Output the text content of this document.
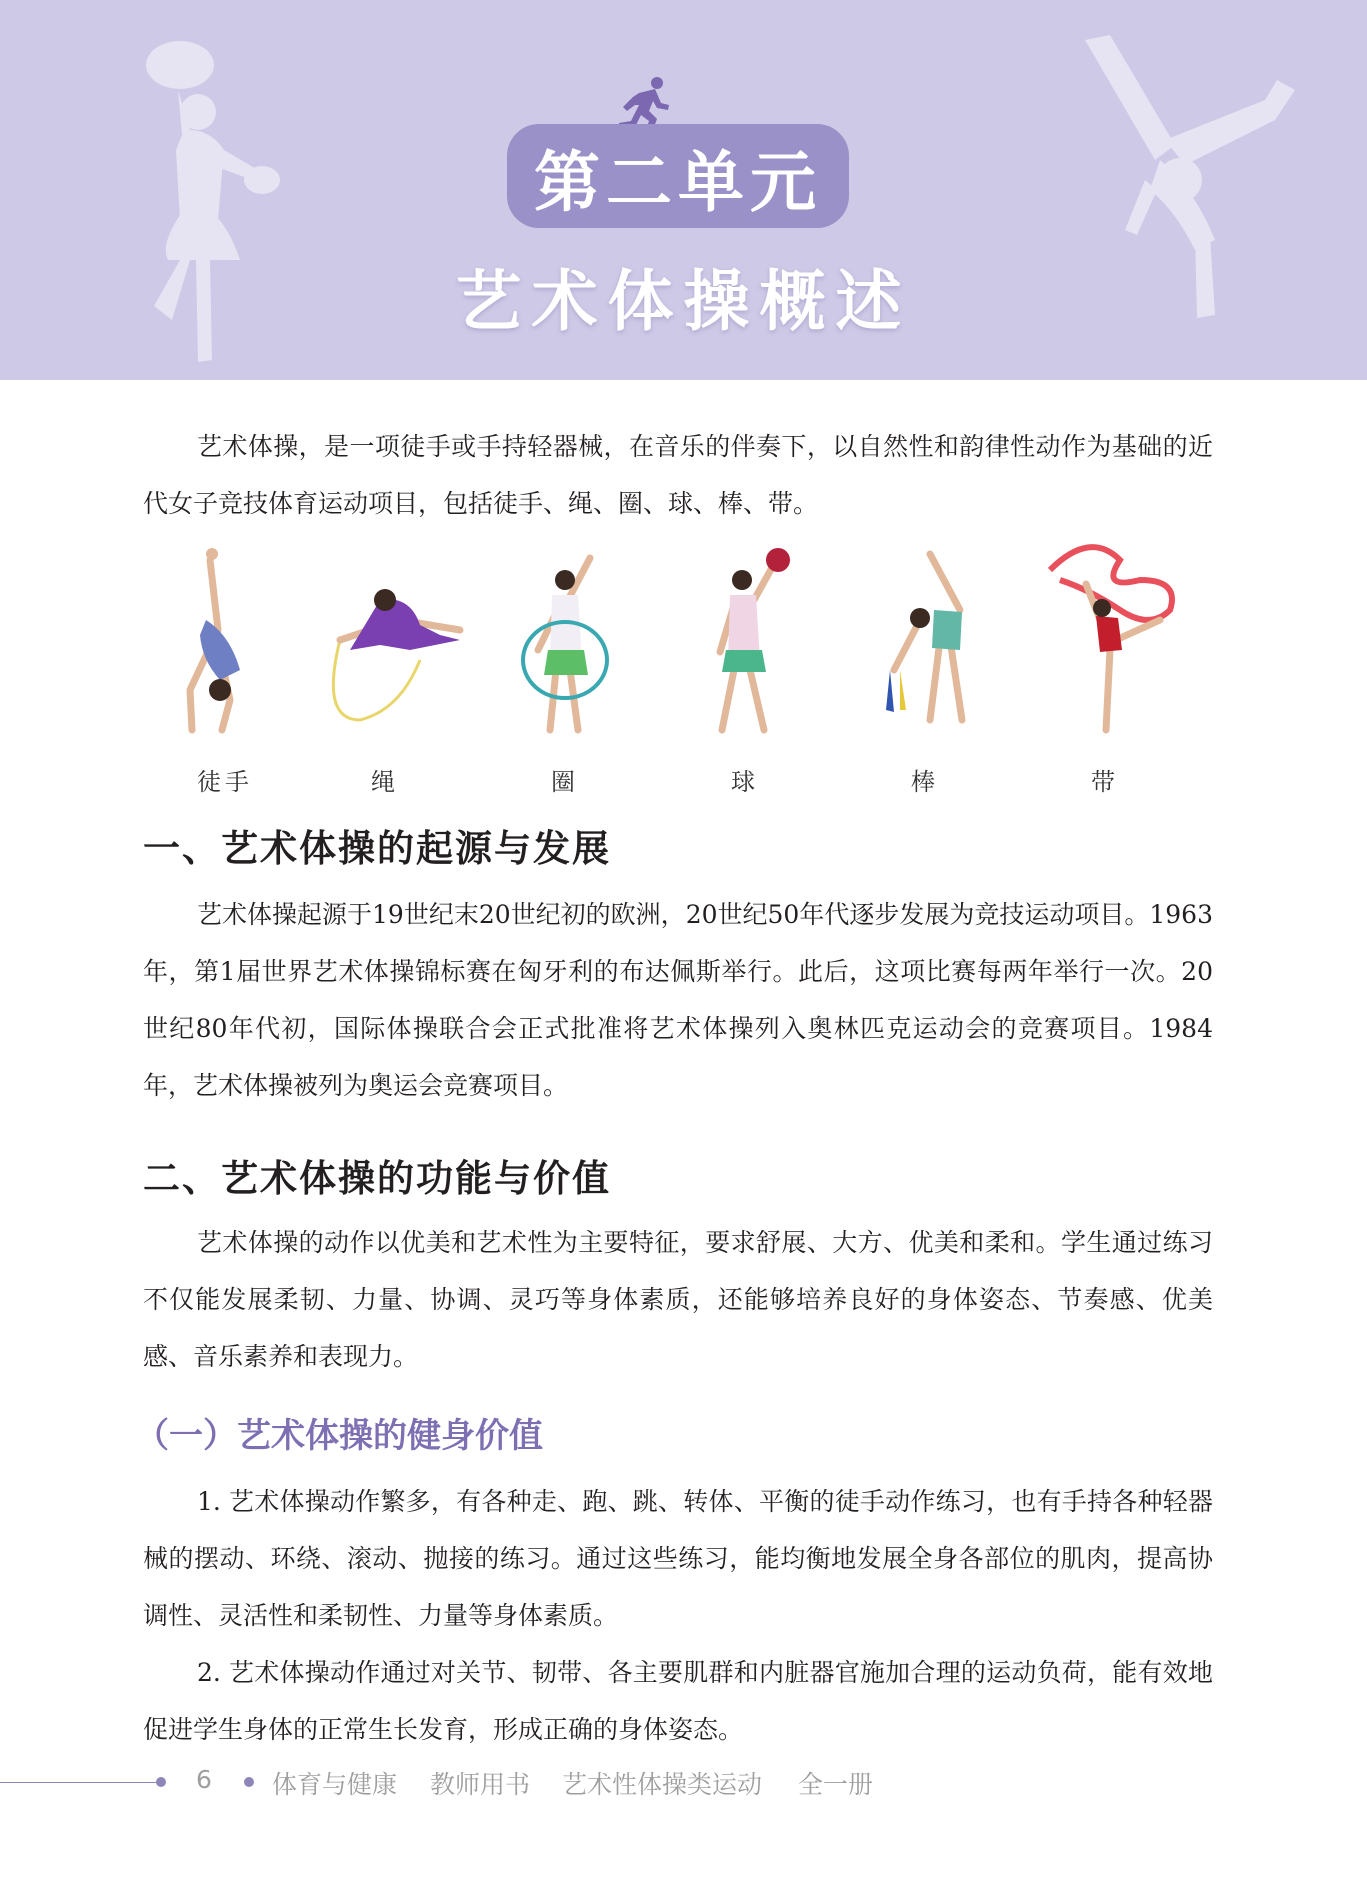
第二单元
艺术体操概述

艺术体操，是一项徒手或手持轻器械，在音乐的伴奏下，以自然性和韵律性动作为基础的近代女子竞技体育运动项目，包括徒手、绳、圈、球、棒、带。

徒手	绳	圈	球	棒	带
一、艺术体操的起源与发展

艺术体操起源于19世纪末20世纪初的欧洲，20世纪50年代逐步发展为竞技运动项目。1963年，第1届世界艺术体操锦标赛在匈牙利的布达佩斯举行。此后，这项比赛每两年举行一次。20世纪80年代初，国际体操联合会正式批准将艺术体操列入奥林匹克运动会的竞赛项目。1984年，艺术体操被列为奥运会竞赛项目。

二、艺术体操的功能与价值

艺术体操的动作以优美和艺术性为主要特征，要求舒展、大方、优美和柔和。学生通过练习不仅能发展柔韧、力量、协调、灵巧等身体素质，还能够培养良好的身体姿态、节奏感、优美感、音乐素养和表现力。

（一）艺术体操的健身价值

1. 艺术体操动作繁多，有各种走、跑、跳、转体、平衡的徒手动作练习，也有手持各种轻器械的摆动、环绕、滚动、抛接的练习。通过这些练习，能均衡地发展全身各部位的肌肉，提高协调性、灵活性和柔韧性、力量等身体素质。

2. 艺术体操动作通过对关节、韧带、各主要肌群和内脏器官施加合理的运动负荷，能有效地促进学生身体的正常生长发育，形成正确的身体姿态。

6 体育与健康 教师用书 艺术性体操类运动 全一册
